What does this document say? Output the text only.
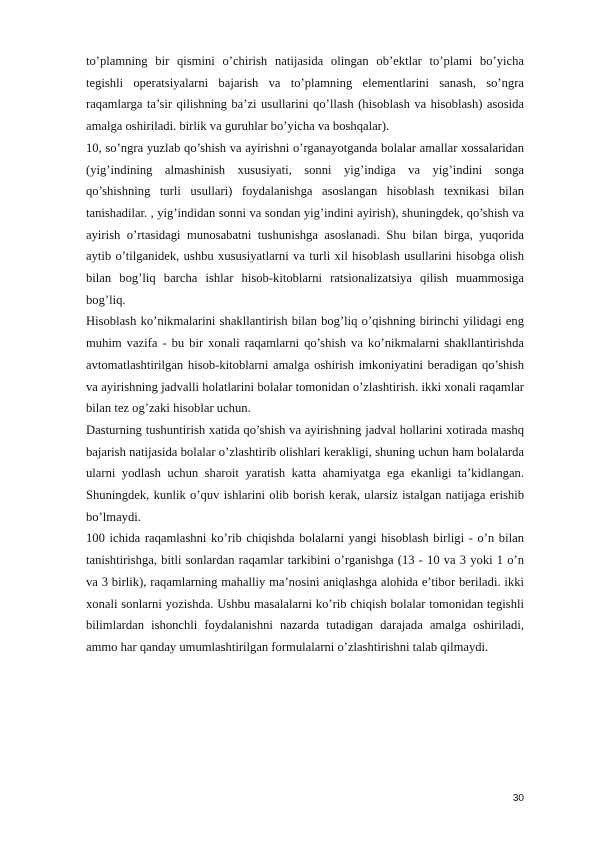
to’plamning bir qismini o’chirish natijasida olingan ob’ektlar to’plami bo’yicha tegishli operatsiyalarni bajarish va to’plamning elementlarini sanash, so’ngra raqamlarga ta’sir qilishning ba’zi usullarini qo’llash (hisoblash va hisoblash) asosida amalga oshiriladi. birlik va guruhlar bo’yicha va boshqalar).

10, so’ngra yuzlab qo’shish va ayirishni o’rganayotganda bolalar amallar xossalaridan (yig’indining almashinish xususiyati, sonni yig’indiga va yig’indini songa qo’shishning turli usullari) foydalanishga asoslangan hisoblash texnikasi bilan tanishadilar. , yig’indidan sonni va sondan yig’indini ayirish), shuningdek, qo’shish va ayirish o’rtasidagi munosabatni tushunishga asoslanadi. Shu bilan birga, yuqorida aytib o’tilganidek, ushbu xususiyatlarni va turli xil hisoblash usullarini hisobga olish bilan bog’liq barcha ishlar hisob-kitoblarni ratsionalizatsiya qilish muammosiga bog’liq.

Hisoblash ko’nikmalarini shakllantirish bilan bog’liq o’qishning birinchi yilidagi eng muhim vazifa - bu bir xonali raqamlarni qo’shish va ko’nikmalarni shakllantirishda avtomatlashtirilgan hisob-kitoblarni amalga oshirish imkoniyatini beradigan qo’shish va ayirishning jadvalli holatlarini bolalar tomonidan o’zlashtirish. ikki xonali raqamlar bilan tez og’zaki hisoblar uchun.

Dasturning tushuntirish xatida qo’shish va ayirishning jadval hollarini xotirada mashq bajarish natijasida bolalar o’zlashtirib olishlari kerakligi, shuning uchun ham bolalarda ularni yodlash uchun sharoit yaratish katta ahamiyatga ega ekanligi ta’kidlangan. Shuningdek, kunlik o’quv ishlarini olib borish kerak, ularsiz istalgan natijaga erishib bo’lmaydi.

100 ichida raqamlashni ko’rib chiqishda bolalarni yangi hisoblash birligi - o’n bilan tanishtirishga, bitli sonlardan raqamlar tarkibini o’rganishga (13 - 10 va 3 yoki 1 o’n va 3 birlik), raqamlarning mahalliy ma’nosini aniqlashga alohida e’tibor beriladi. ikki xonali sonlarni yozishda. Ushbu masalalarni ko’rib chiqish bolalar tomonidan tegishli bilimlardan ishonchli foydalanishni nazarda tutadigan darajada amalga oshiriladi, ammo har qanday umumlashtirilgan formulalarni o’zlashtirishni talab qilmaydi.

30
